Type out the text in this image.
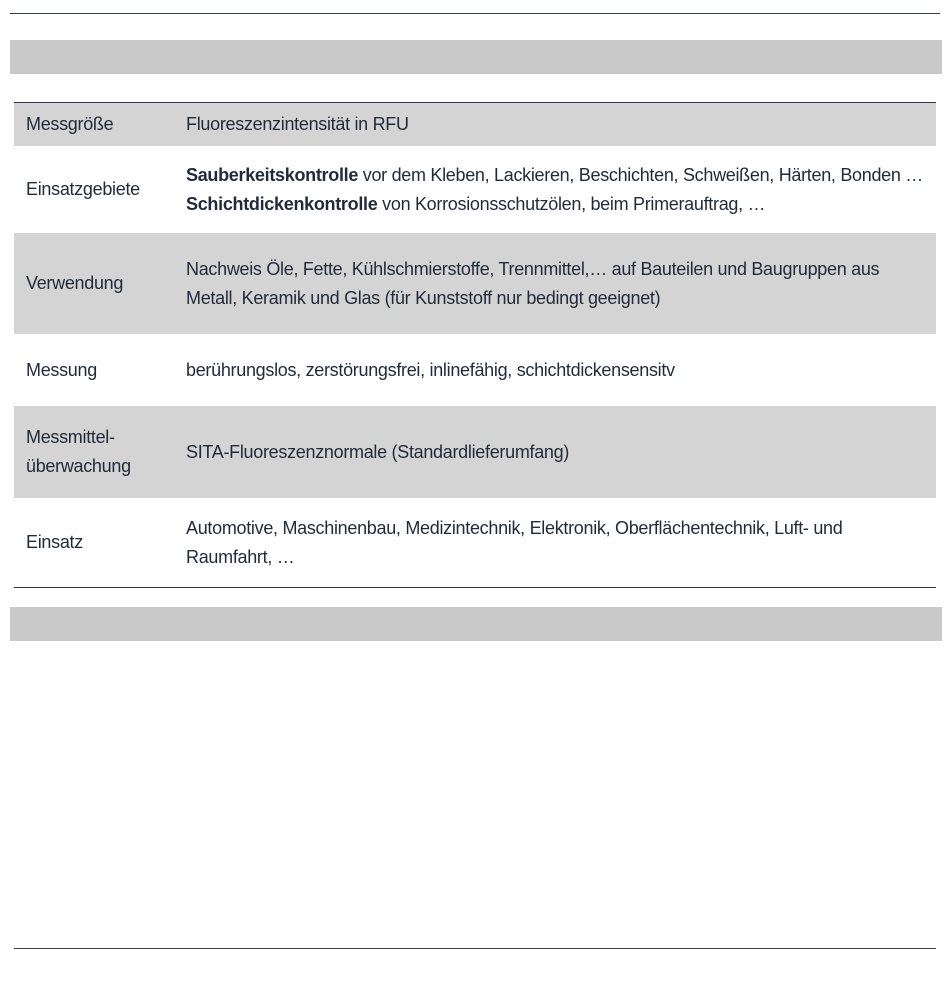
Messgröße	Fluoreszenzintensität in RFU
Einsatzgebiete
Sauberkeitskontrolle vor dem Kleben, Lackieren, Beschichten, Schweißen, Härten, Bonden …
Schichtdickenkontrolle von Korrosionsschutzölen, beim Primerauftrag, …
Verwendung
Nachweis Öle, Fette, Kühlschmierstoffe, Trennmittel,… auf Bauteilen und Baugruppen aus
Metall, Keramik und Glas (für Kunststoff nur bedingt geeignet)
Messung	berührungslos, zerstörungsfrei, inlinefähig, schichtdickensensitv
Messmittel-
überwachung
SITA-Fluoreszenznormale (Standardlieferumfang)
Einsatz
Automotive, Maschinenbau, Medizintechnik, Elektronik, Oberflächentechnik, Luft- und
Raumfahrt, …
